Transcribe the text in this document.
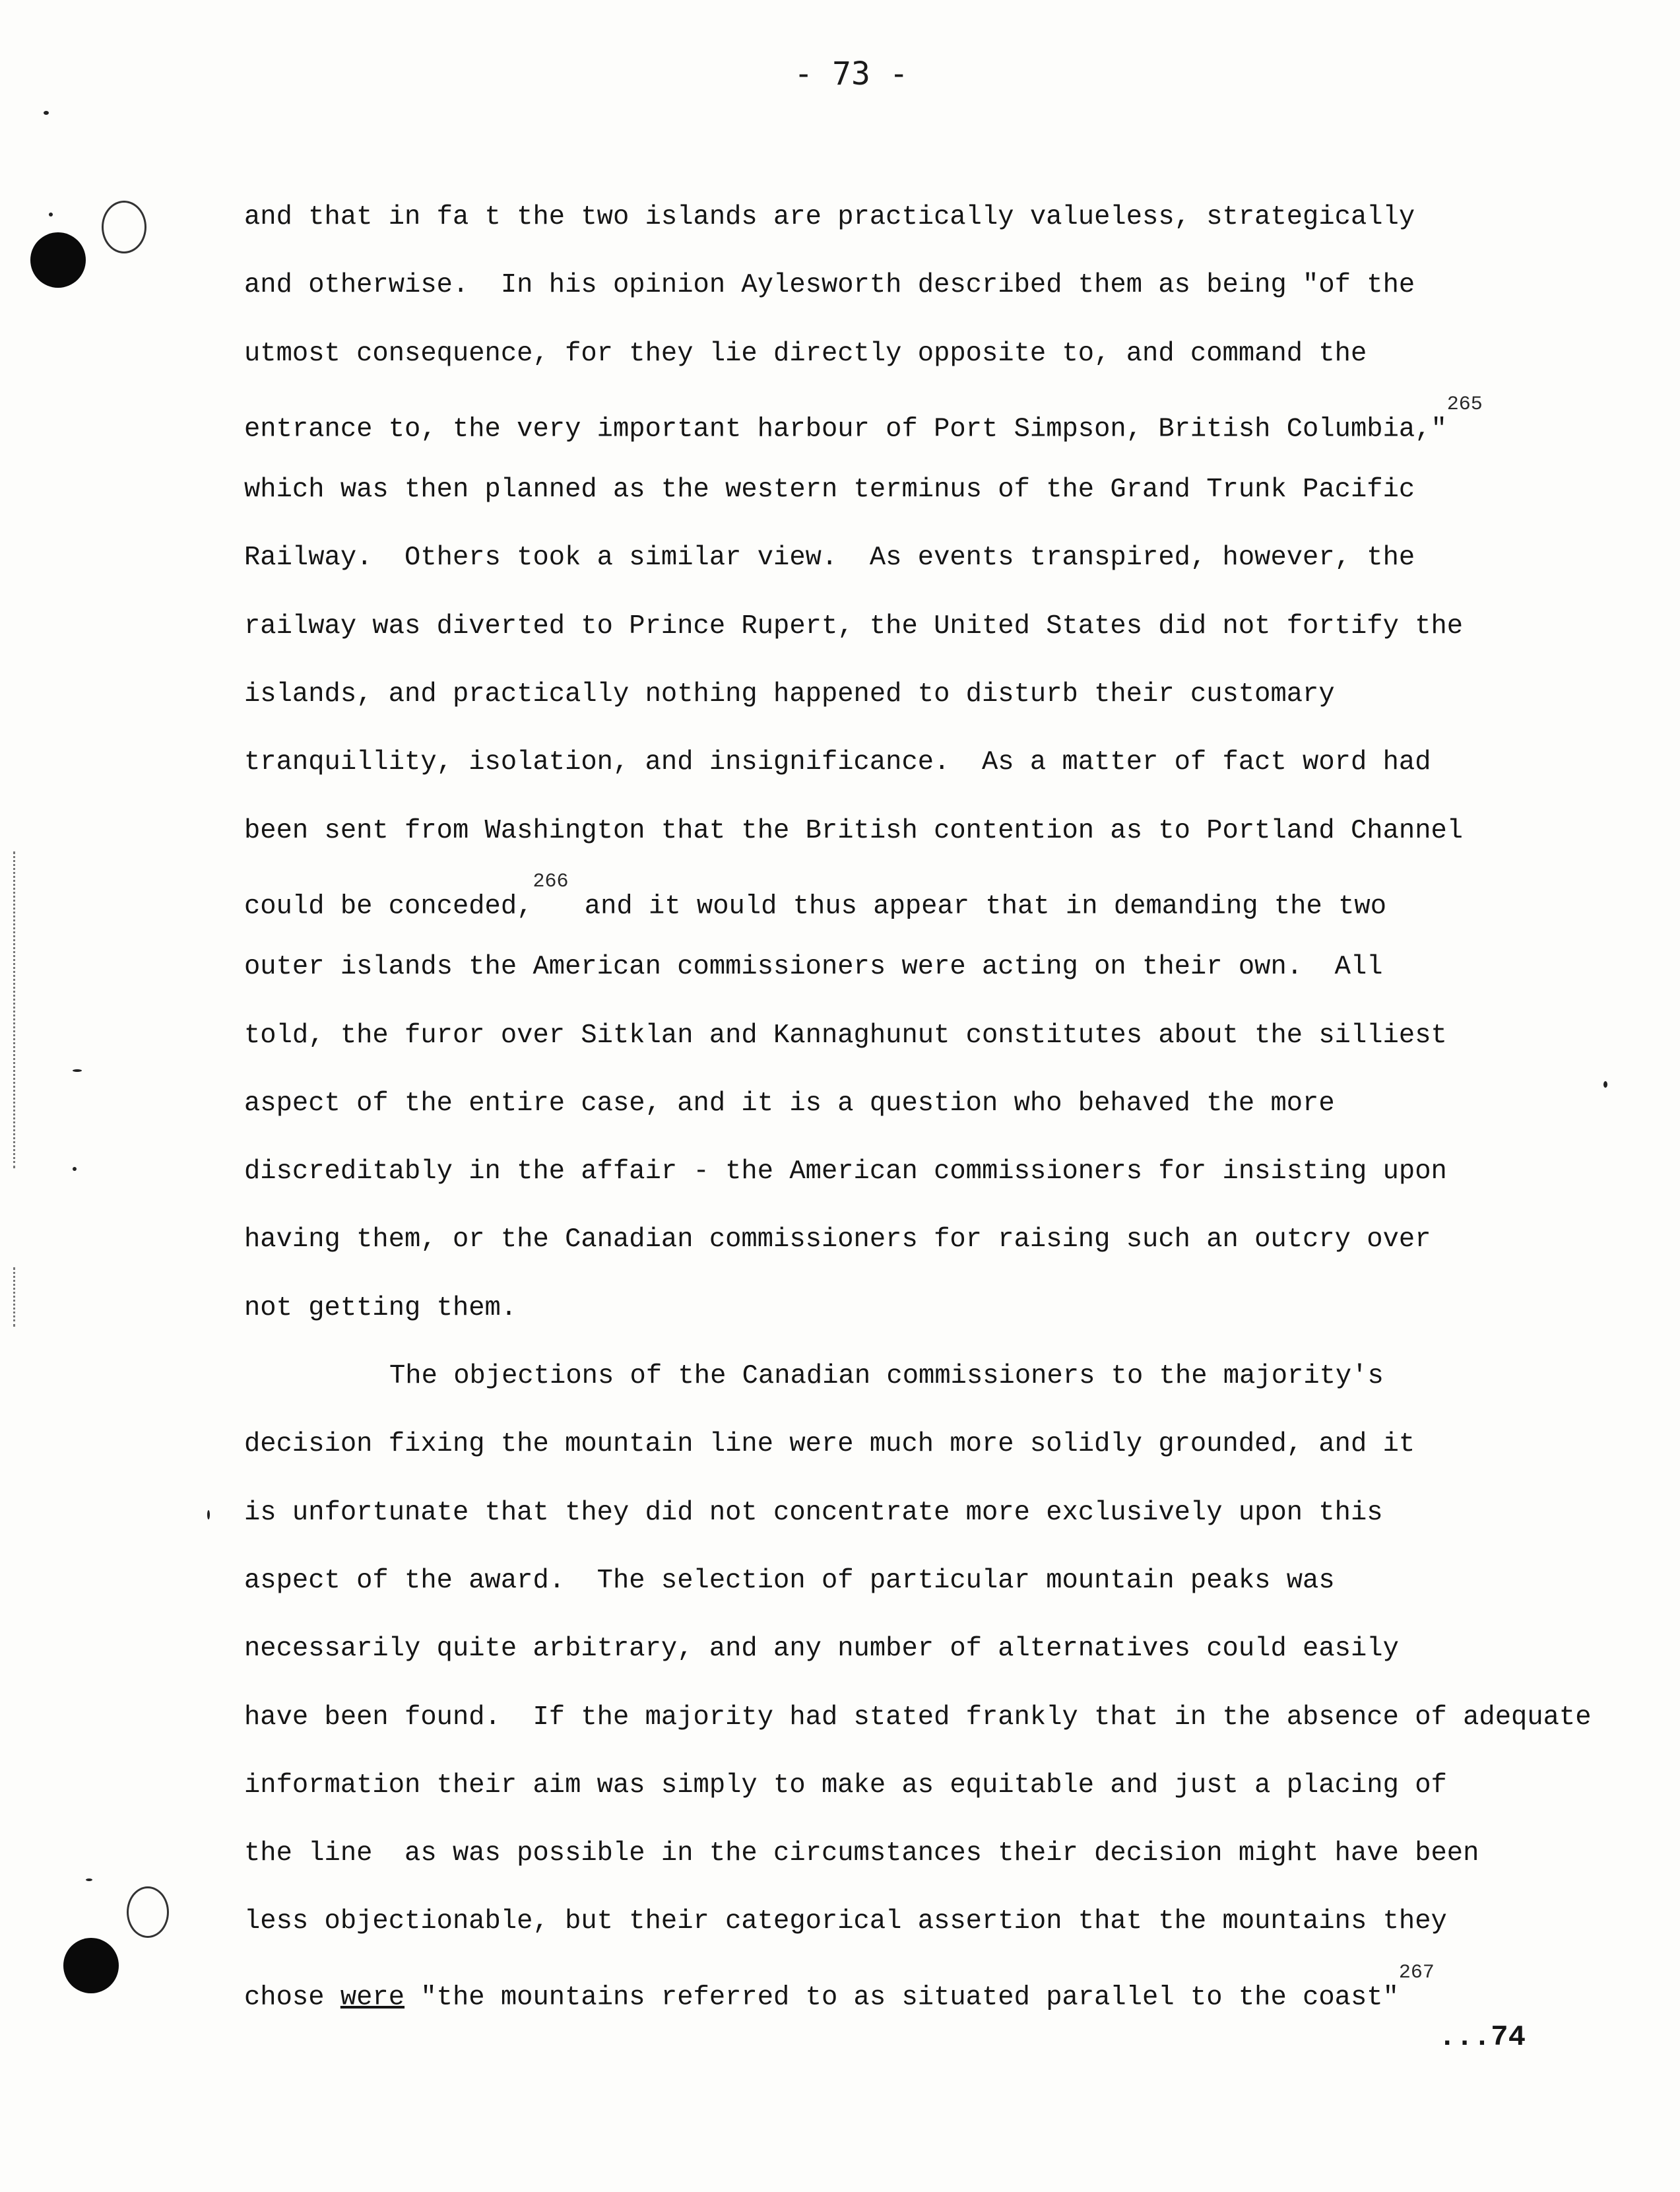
- 73 -
and that in fa t the two islands are practically valueless, strategically
and otherwise.  In his opinion Aylesworth described them as being "of the
utmost consequence, for they lie directly opposite to, and command the
entrance to, the very important harbour of Port Simpson, British Columbia,"$^{265}$
which was then planned as the western terminus of the Grand Trunk Pacific
Railway.  Others took a similar view.  As events transpired, however, the
railway was diverted to Prince Rupert, the United States did not fortify the
islands, and practically nothing happened to disturb their customary
tranquillity, isolation, and insignificance.  As a matter of fact word had
been sent from Washington that the British contention as to Portland Channel
could be conceded,$^{266}$ and it would thus appear that in demanding the two
outer islands the American commissioners were acting on their own.  All
told, the furor over Sitklan and Kannaghunut constitutes about the silliest
aspect of the entire case, and it is a question who behaved the more
discreditably in the affair - the American commissioners for insisting upon
having them, or the Canadian commissioners for raising such an outcry over
not getting them.
The objections of the Canadian commissioners to the majority's
decision fixing the mountain line were much more solidly grounded, and it
is unfortunate that they did not concentrate more exclusively upon this
aspect of the award.  The selection of particular mountain peaks was
necessarily quite arbitrary, and any number of alternatives could easily
have been found.  If the majority had stated frankly that in the absence of adequate
information their aim was simply to make as equitable and just a placing of
the line  as was possible in the circumstances their decision might have been
less objectionable, but their categorical assertion that the mountains they
chose were "the mountains referred to as situated parallel to the coast"$^{267}$
...74
